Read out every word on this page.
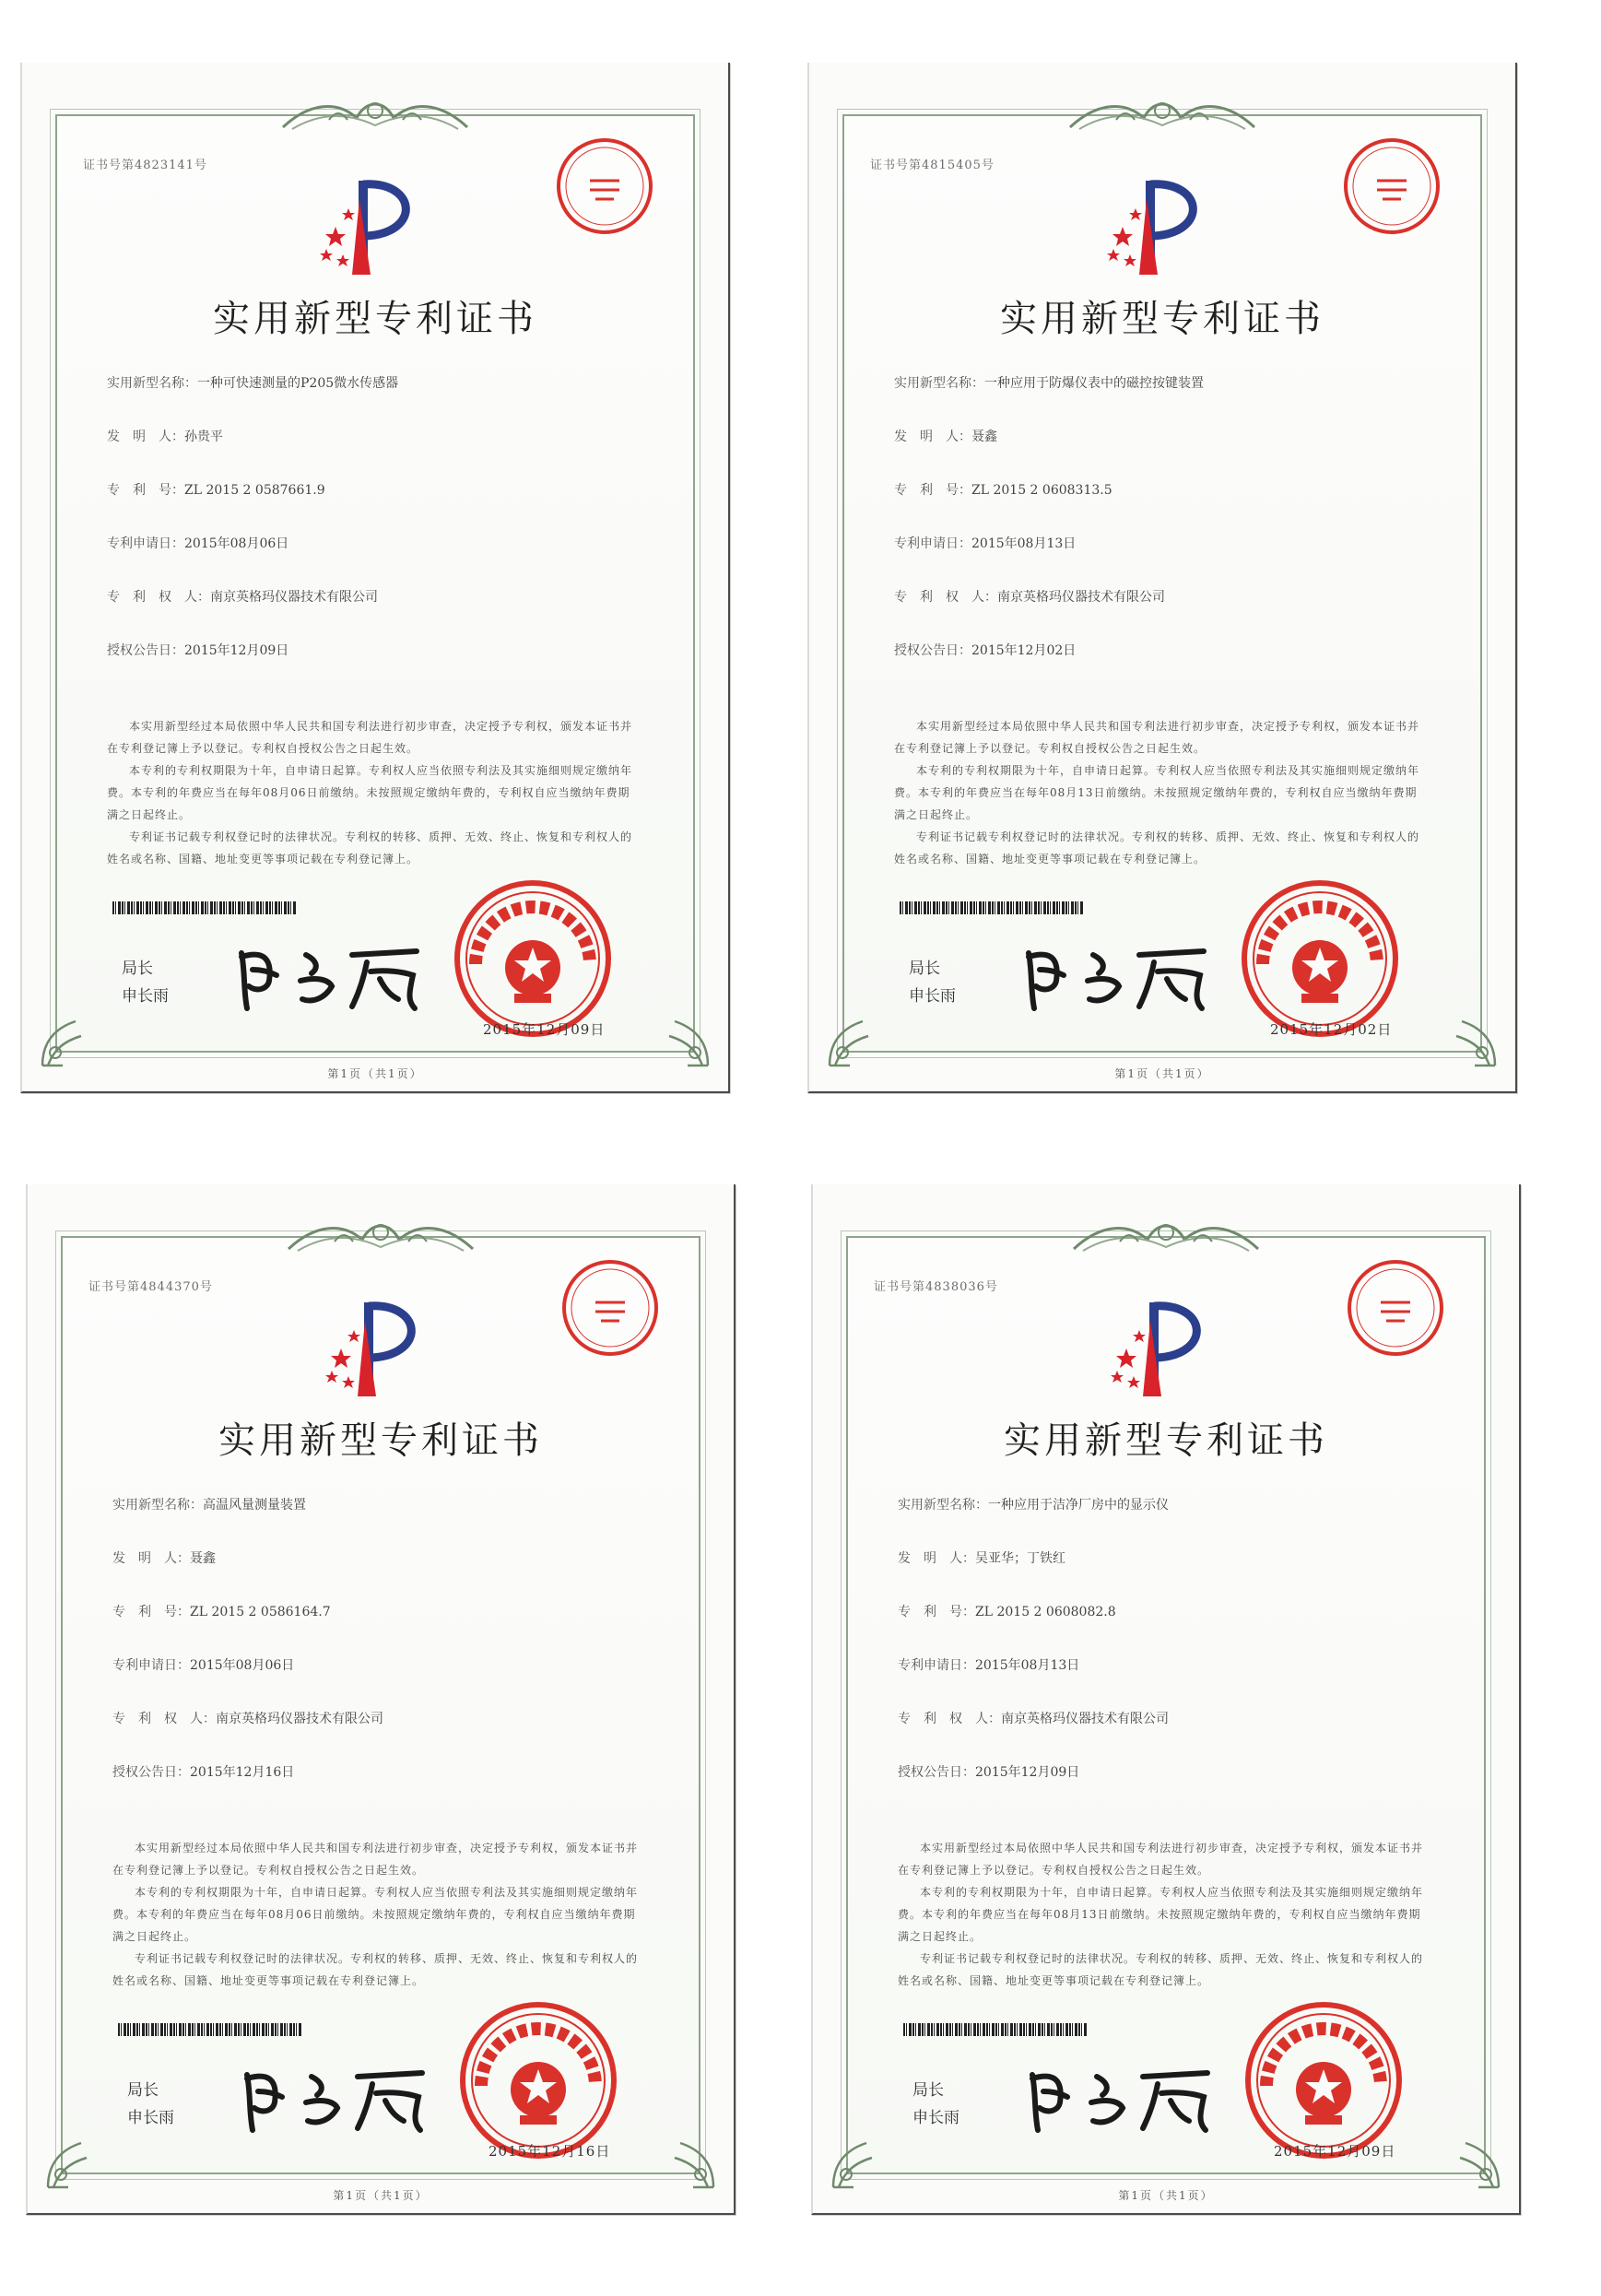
证书号第4823141号
实用新型专利证书
实用新型名称：一种可快速测量的P205微水传感器
发　明　人：孙贵平
专　利　号：ZL 2015 2 0587661.9
专利申请日：2015年08月06日
专　利　权　人：南京英格玛仪器技术有限公司
授权公告日：2015年12月09日

本实用新型经过本局依照中华人民共和国专利法进行初步审查，决定授予专利权，颁发本证书并在专利登记簿上予以登记。专利权自授权公告之日起生效。

本专利的专利权期限为十年，自申请日起算。专利权人应当依照专利法及其实施细则规定缴纳年费。本专利的年费应当在每年08月06日前缴纳。未按照规定缴纳年费的，专利权自应当缴纳年费期满之日起终止。

专利证书记载专利权登记时的法律状况。专利权的转移、质押、无效、终止、恢复和专利权人的姓名或名称、国籍、地址变更等事项记载在专利登记簿上。

局长
申长雨
2015年12月09日
第1页（共1页）
证书号第4815405号
实用新型专利证书
实用新型名称：一种应用于防爆仪表中的磁控按键装置
发　明　人：聂鑫
专　利　号：ZL 2015 2 0608313.5
专利申请日：2015年08月13日
专　利　权　人：南京英格玛仪器技术有限公司
授权公告日：2015年12月02日

本实用新型经过本局依照中华人民共和国专利法进行初步审查，决定授予专利权，颁发本证书并在专利登记簿上予以登记。专利权自授权公告之日起生效。

本专利的专利权期限为十年，自申请日起算。专利权人应当依照专利法及其实施细则规定缴纳年费。本专利的年费应当在每年08月13日前缴纳。未按照规定缴纳年费的，专利权自应当缴纳年费期满之日起终止。

专利证书记载专利权登记时的法律状况。专利权的转移、质押、无效、终止、恢复和专利权人的姓名或名称、国籍、地址变更等事项记载在专利登记簿上。

局长
申长雨
2015年12月02日
第1页（共1页）
证书号第4844370号
实用新型专利证书
实用新型名称：高温风量测量装置
发　明　人：聂鑫
专　利　号：ZL 2015 2 0586164.7
专利申请日：2015年08月06日
专　利　权　人：南京英格玛仪器技术有限公司
授权公告日：2015年12月16日

本实用新型经过本局依照中华人民共和国专利法进行初步审查，决定授予专利权，颁发本证书并在专利登记簿上予以登记。专利权自授权公告之日起生效。

本专利的专利权期限为十年，自申请日起算。专利权人应当依照专利法及其实施细则规定缴纳年费。本专利的年费应当在每年08月06日前缴纳。未按照规定缴纳年费的，专利权自应当缴纳年费期满之日起终止。

专利证书记载专利权登记时的法律状况。专利权的转移、质押、无效、终止、恢复和专利权人的姓名或名称、国籍、地址变更等事项记载在专利登记簿上。

局长
申长雨
2015年12月16日
第1页（共1页）
证书号第4838036号
实用新型专利证书
实用新型名称：一种应用于洁净厂房中的显示仪
发　明　人：吴亚华；丁铁红
专　利　号：ZL 2015 2 0608082.8
专利申请日：2015年08月13日
专　利　权　人：南京英格玛仪器技术有限公司
授权公告日：2015年12月09日

本实用新型经过本局依照中华人民共和国专利法进行初步审查，决定授予专利权，颁发本证书并在专利登记簿上予以登记。专利权自授权公告之日起生效。

本专利的专利权期限为十年，自申请日起算。专利权人应当依照专利法及其实施细则规定缴纳年费。本专利的年费应当在每年08月13日前缴纳。未按照规定缴纳年费的，专利权自应当缴纳年费期满之日起终止。

专利证书记载专利权登记时的法律状况。专利权的转移、质押、无效、终止、恢复和专利权人的姓名或名称、国籍、地址变更等事项记载在专利登记簿上。

局长
申长雨
2015年12月09日
第1页（共1页）
